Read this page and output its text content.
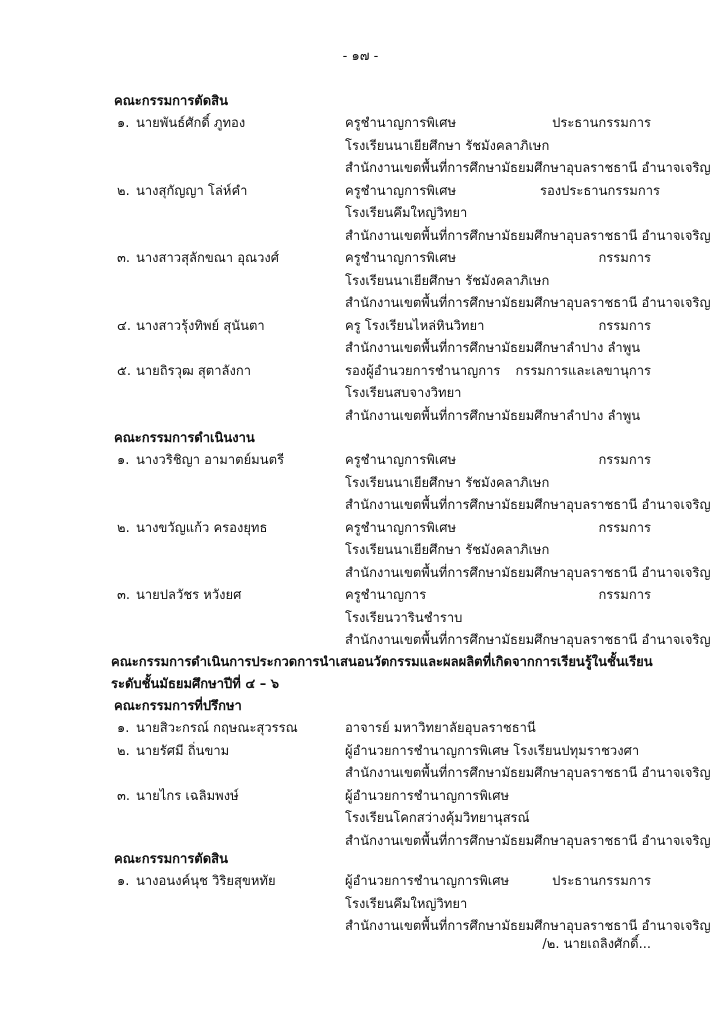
- ๑๗ -
คณะกรรมการตัดสิน
๑. นายพันธ์ศักดิ์ ภูทอง	ครูชำนาญการพิเศษ	ประธานกรรมการ
โรงเรียนนาเยียศึกษา รัชมังคลาภิเษก
สำนักงานเขตพื้นที่การศึกษามัธยมศึกษาอุบลราชธานี อำนาจเจริญ
๒. นางสุกัญญา โล่ห์คำ	ครูชำนาญการพิเศษ	รองประธานกรรมการ
โรงเรียนคึมใหญ่วิทยา
สำนักงานเขตพื้นที่การศึกษามัธยมศึกษาอุบลราชธานี อำนาจเจริญ
๓. นางสาวสุลักขณา อุณวงศ์	ครูชำนาญการพิเศษ	กรรมการ
โรงเรียนนาเยียศึกษา รัชมังคลาภิเษก
สำนักงานเขตพื้นที่การศึกษามัธยมศึกษาอุบลราชธานี อำนาจเจริญ
๔. นางสาวรุ้งทิพย์ สุนันตา	ครู โรงเรียนไหล่หินวิทยา	กรรมการ
สำนักงานเขตพื้นที่การศึกษามัธยมศึกษาลำปาง ลำพูน
๕. นายถิรวุฒ สุตาลังกา	รองผู้อำนวยการชำนาญการ	กรรมการและเลขานุการ
โรงเรียนสบจางวิทยา
สำนักงานเขตพื้นที่การศึกษามัธยมศึกษาลำปาง ลำพูน
คณะกรรมการดำเนินงาน
๑. นางวริชิญา อามาตย์มนตรี	ครูชำนาญการพิเศษ	กรรมการ
โรงเรียนนาเยียศึกษา รัชมังคลาภิเษก
สำนักงานเขตพื้นที่การศึกษามัธยมศึกษาอุบลราชธานี อำนาจเจริญ
๒. นางขวัญแก้ว ครองยุทธ	ครูชำนาญการพิเศษ	กรรมการ
โรงเรียนนาเยียศึกษา รัชมังคลาภิเษก
สำนักงานเขตพื้นที่การศึกษามัธยมศึกษาอุบลราชธานี อำนาจเจริญ
๓. นายปลวัชร หวังยศ	ครูชำนาญการ	กรรมการ
โรงเรียนวารินชำราบ
สำนักงานเขตพื้นที่การศึกษามัธยมศึกษาอุบลราชธานี อำนาจเจริญ
คณะกรรมการดำเนินการประกวดการนำเสนอนวัตกรรมและผลผลิตที่เกิดจากการเรียนรู้ในชั้นเรียน
ระดับชั้นมัธยมศึกษาปีที่ ๔ – ๖
คณะกรรมการที่ปรึกษา
๑. นายสิวะกรณ์ กฤษณะสุวรรณ	อาจารย์ มหาวิทยาลัยอุบลราชธานี
๒. นายรัศมี ถิ่นขาม	ผู้อำนวยการชำนาญการพิเศษ โรงเรียนปทุมราชวงศา
สำนักงานเขตพื้นที่การศึกษามัธยมศึกษาอุบลราชธานี อำนาจเจริญ
๓. นายไกร เฉลิมพงษ์	ผู้อำนวยการชำนาญการพิเศษ
โรงเรียนโคกสว่างคุ้มวิทยานุสรณ์
สำนักงานเขตพื้นที่การศึกษามัธยมศึกษาอุบลราชธานี อำนาจเจริญ
คณะกรรมการตัดสิน
๑. นางอนงค์นุช วิริยสุขหทัย	ผู้อำนวยการชำนาญการพิเศษ	ประธานกรรมการ
โรงเรียนคึมใหญ่วิทยา
สำนักงานเขตพื้นที่การศึกษามัธยมศึกษาอุบลราชธานี อำนาจเจริญ
/๒. นายเถลิงศักดิ์...
